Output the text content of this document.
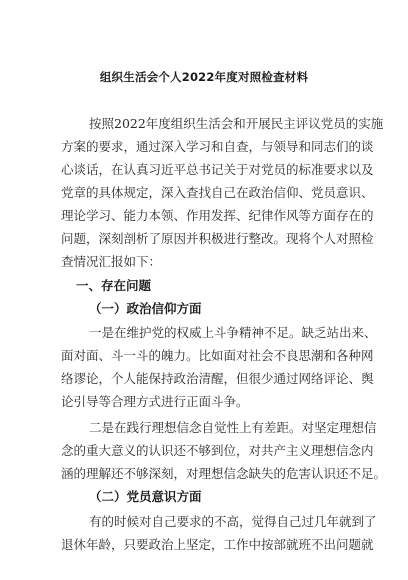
组织生活会个人2022年度对照检查材料
按照2022年度组织生活会和开展民主评议党员的实施
方案的要求，通过深入学习和自查，与领导和同志们的谈
心谈话，在认真习近平总书记关于对党员的标准要求以及
党章的具体规定，深入查找自己在政治信仰、党员意识、
理论学习、能力本领、作用发挥、纪律作风等方面存在的
问题，深刻剖析了原因并积极进行整改。现将个人对照检
查情况汇报如下：
一、存在问题
（一）政治信仰方面
一是在维护党的权威上斗争精神不足。缺乏站出来、
面对面、斗一斗的魄力。比如面对社会不良思潮和各种网
络谬论，个人能保持政治清醒，但很少通过网络评论、舆
论引导等合理方式进行正面斗争。
二是在践行理想信念自觉性上有差距。对坚定理想信
念的重大意义的认识还不够到位，对共产主义理想信念内
涵的理解还不够深刻，对理想信念缺失的危害认识还不足。
（二）党员意识方面
有的时候对自己要求的不高，觉得自己过几年就到了
退休年龄，只要政治上坚定，工作中按部就班不出问题就
